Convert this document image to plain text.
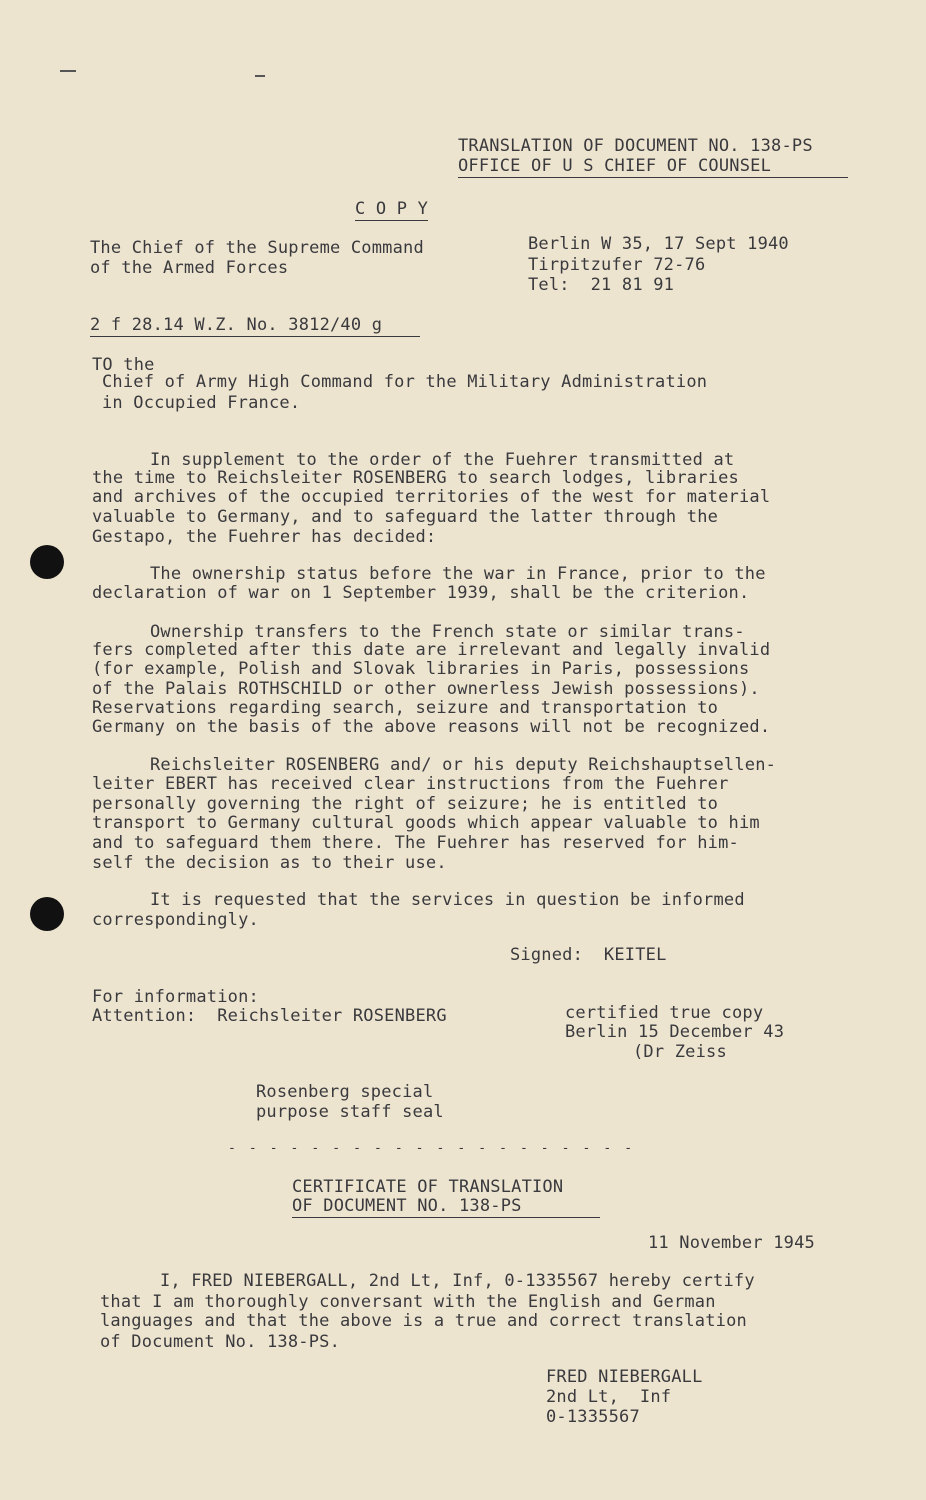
TRANSLATION OF DOCUMENT NO. 138-PS
OFFICE OF U S CHIEF OF COUNSEL
C O P Y
The Chief of the Supreme Command
of the Armed Forces
Berlin W 35, 17 Sept 1940
Tirpitzufer 72-76
Tel:  21 81 91
2 f 28.14 W.Z. No. 3812/40 g
TO the
Chief of Army High Command for the Military Administration
in Occupied France.
In supplement to the order of the Fuehrer transmitted at
the time to Reichsleiter ROSENBERG to search lodges, libraries
and archives of the occupied territories of the west for material
valuable to Germany, and to safeguard the latter through the
Gestapo, the Fuehrer has decided:
The ownership status before the war in France, prior to the
declaration of war on 1 September 1939, shall be the criterion.
Ownership transfers to the French state or similar trans-
fers completed after this date are irrelevant and legally invalid
(for example, Polish and Slovak libraries in Paris, possessions
of the Palais ROTHSCHILD or other ownerless Jewish possessions).
Reservations regarding search, seizure and transportation to
Germany on the basis of the above reasons will not be recognized.
Reichsleiter ROSENBERG and/ or his deputy Reichshauptsellen-
leiter EBERT has received clear instructions from the Fuehrer
personally governing the right of seizure; he is entitled to
transport to Germany cultural goods which appear valuable to him
and to safeguard them there. The Fuehrer has reserved for him-
self the decision as to their use.
It is requested that the services in question be informed
correspondingly.
Signed:  KEITEL
For information:
Attention:  Reichsleiter ROSENBERG	certified true copy
Berlin 15 December 43
(Dr Zeiss
Rosenberg special
purpose staff seal
- - - - - - - - - - - - - - - - - - - -
CERTIFICATE OF TRANSLATION
OF DOCUMENT NO. 138-PS
11 November 1945
I, FRED NIEBERGALL, 2nd Lt, Inf, 0-1335567 hereby certify
that I am thoroughly conversant with the English and German
languages and that the above is a true and correct translation
of Document No. 138-PS.
FRED NIEBERGALL
2nd Lt,  Inf
0-1335567
